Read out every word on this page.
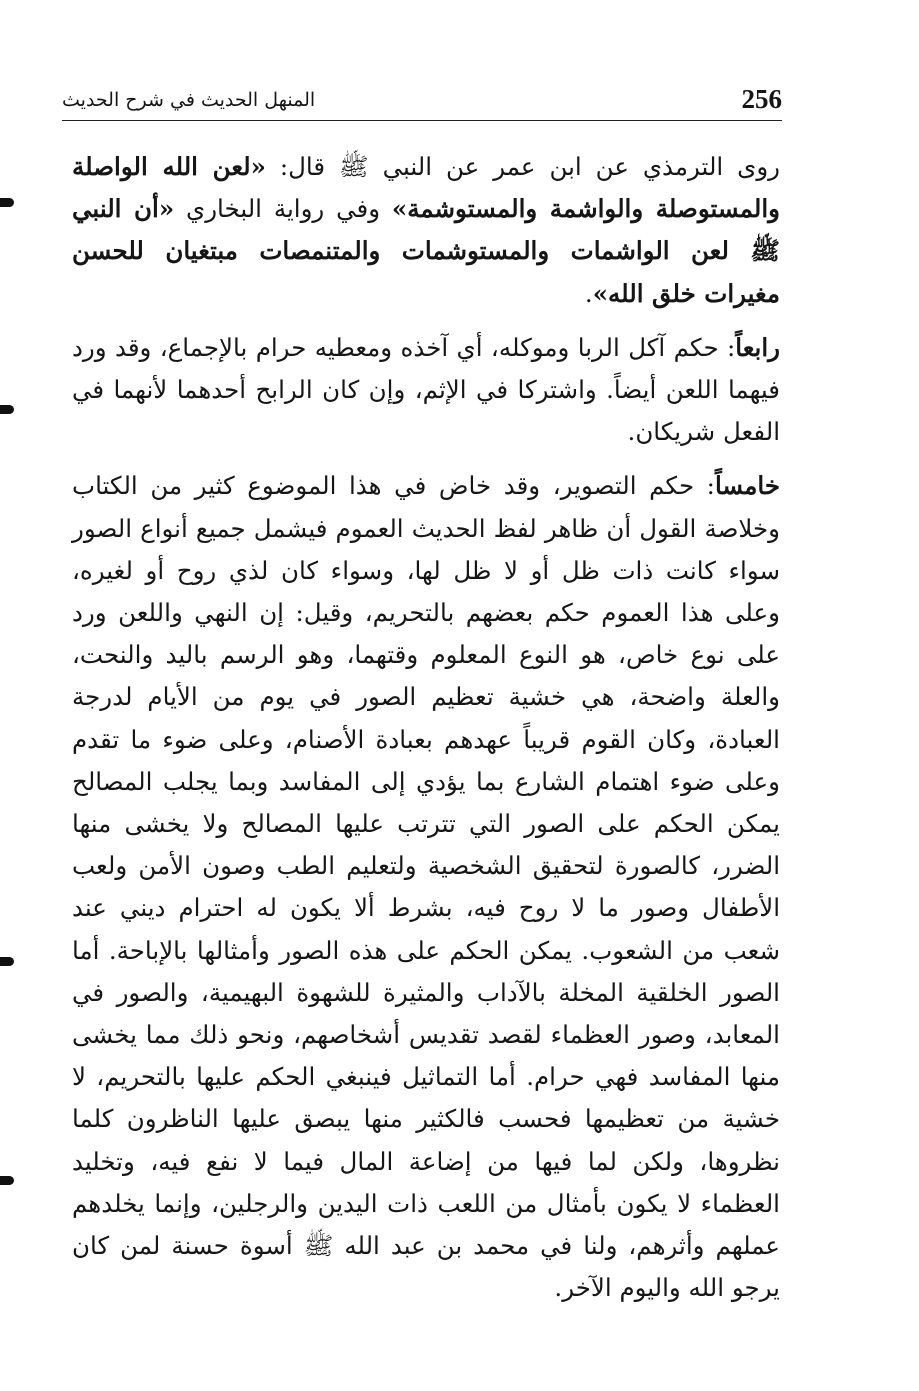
256
المنهل الحديث في شرح الحديث

روى الترمذي عن ابن عمر عن النبي ﷺ قال: «لعن الله الواصلة والمستوصلة والواشمة والمستوشمة» وفي رواية البخاري «أن النبي ﷺ لعن الواشمات والمستوشمات والمتنمصات مبتغيان للحسن مغيرات خلق الله».

رابعاً: حكم آكل الربا وموكله، أي آخذه ومعطيه حرام بالإجماع، وقد ورد فيهما اللعن أيضاً. واشتركا في الإثم، وإن كان الرابح أحدهما لأنهما في الفعل شريكان.

خامساً: حكم التصوير، وقد خاض في هذا الموضوع كثير من الكتاب وخلاصة القول أن ظاهر لفظ الحديث العموم فيشمل جميع أنواع الصور سواء كانت ذات ظل أو لا ظل لها، وسواء كان لذي روح أو لغيره، وعلى هذا العموم حكم بعضهم بالتحريم، وقيل: إن النهي واللعن ورد على نوع خاص، هو النوع المعلوم وقتهما، وهو الرسم باليد والنحت، والعلة واضحة، هي خشية تعظيم الصور في يوم من الأيام لدرجة العبادة، وكان القوم قريباً عهدهم بعبادة الأصنام، وعلى ضوء ما تقدم وعلى ضوء اهتمام الشارع بما يؤدي إلى المفاسد وبما يجلب المصالح يمكن الحكم على الصور التي تترتب عليها المصالح ولا يخشى منها الضرر، كالصورة لتحقيق الشخصية ولتعليم الطب وصون الأمن ولعب الأطفال وصور ما لا روح فيه، بشرط ألا يكون له احترام ديني عند شعب من الشعوب. يمكن الحكم على هذه الصور وأمثالها بالإباحة. أما الصور الخلقية المخلة بالآداب والمثيرة للشهوة البهيمية، والصور في المعابد، وصور العظماء لقصد تقديس أشخاصهم، ونحو ذلك مما يخشى منها المفاسد فهي حرام. أما التماثيل فينبغي الحكم عليها بالتحريم، لا خشية من تعظيمها فحسب فالكثير منها يبصق عليها الناظرون كلما نظروها، ولكن لما فيها من إضاعة المال فيما لا نفع فيه، وتخليد العظماء لا يكون بأمثال من اللعب ذات اليدين والرجلين، وإنما يخلدهم عملهم وأثرهم، ولنا في محمد بن عبد الله ﷺ أسوة حسنة لمن كان يرجو الله واليوم الآخر.
